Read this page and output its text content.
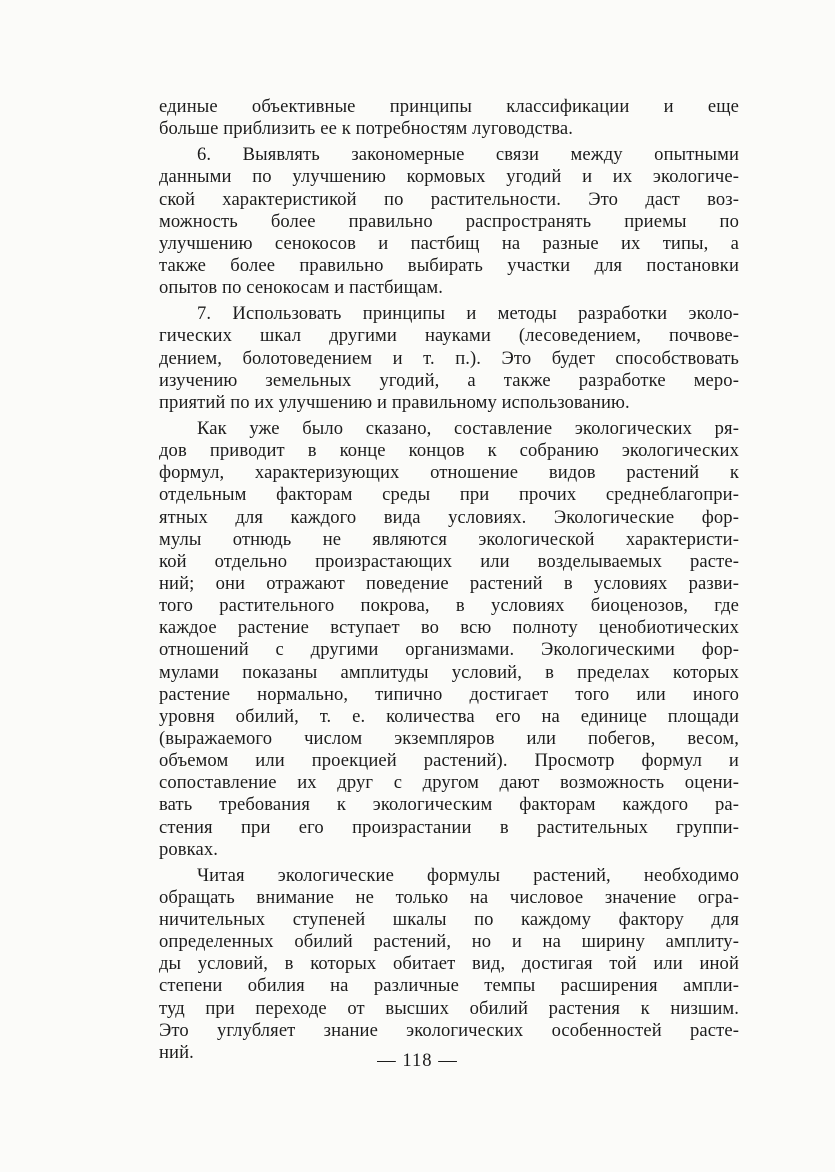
единые объективные принципы классификации и еще
больше приблизить ее к потребностям луговодства.
6. Выявлять закономерные связи между опытными
данными по улучшению кормовых угодий и их экологиче-
ской характеристикой по растительности. Это даст воз-
можность более правильно распространять приемы по
улучшению сенокосов и пастбищ на разные их типы, а
также более правильно выбирать участки для постановки
опытов по сенокосам и пастбищам.
7. Использовать принципы и методы разработки эколо-
гических шкал другими науками (лесоведением, почвове-
дением, болотоведением и т. п.). Это будет способствовать
изучению земельных угодий, а также разработке меро-
приятий по их улучшению и правильному использованию.
Как уже было сказано, составление экологических ря-
дов приводит в конце концов к собранию экологических
формул, характеризующих отношение видов растений к
отдельным факторам среды при прочих среднеблагопри-
ятных для каждого вида условиях. Экологические фор-
мулы отнюдь не являются экологической характеристи-
кой отдельно произрастающих или возделываемых расте-
ний; они отражают поведение растений в условиях разви-
того растительного покрова, в условиях биоценозов, где
каждое растение вступает во всю полноту ценобиотических
отношений с другими организмами. Экологическими фор-
мулами показаны амплитуды условий, в пределах которых
растение нормально, типично достигает того или иного
уровня обилий, т. е. количества его на единице площади
(выражаемого числом экземпляров или побегов, весом,
объемом или проекцией растений). Просмотр формул и
сопоставление их друг с другом дают возможность оцени-
вать требования к экологическим факторам каждого ра-
стения при его произрастании в растительных группи-
ровках.
Читая экологические формулы растений, необходимо
обращать внимание не только на числовое значение огра-
ничительных ступеней шкалы по каждому фактору для
определенных обилий растений, но и на ширину амплиту-
ды условий, в которых обитает вид, достигая той или иной
степени обилия на различные темпы расширения ампли-
туд при переходе от высших обилий растения к низшим.
Это углубляет знание экологических особенностей расте-
ний.	— 118 —
